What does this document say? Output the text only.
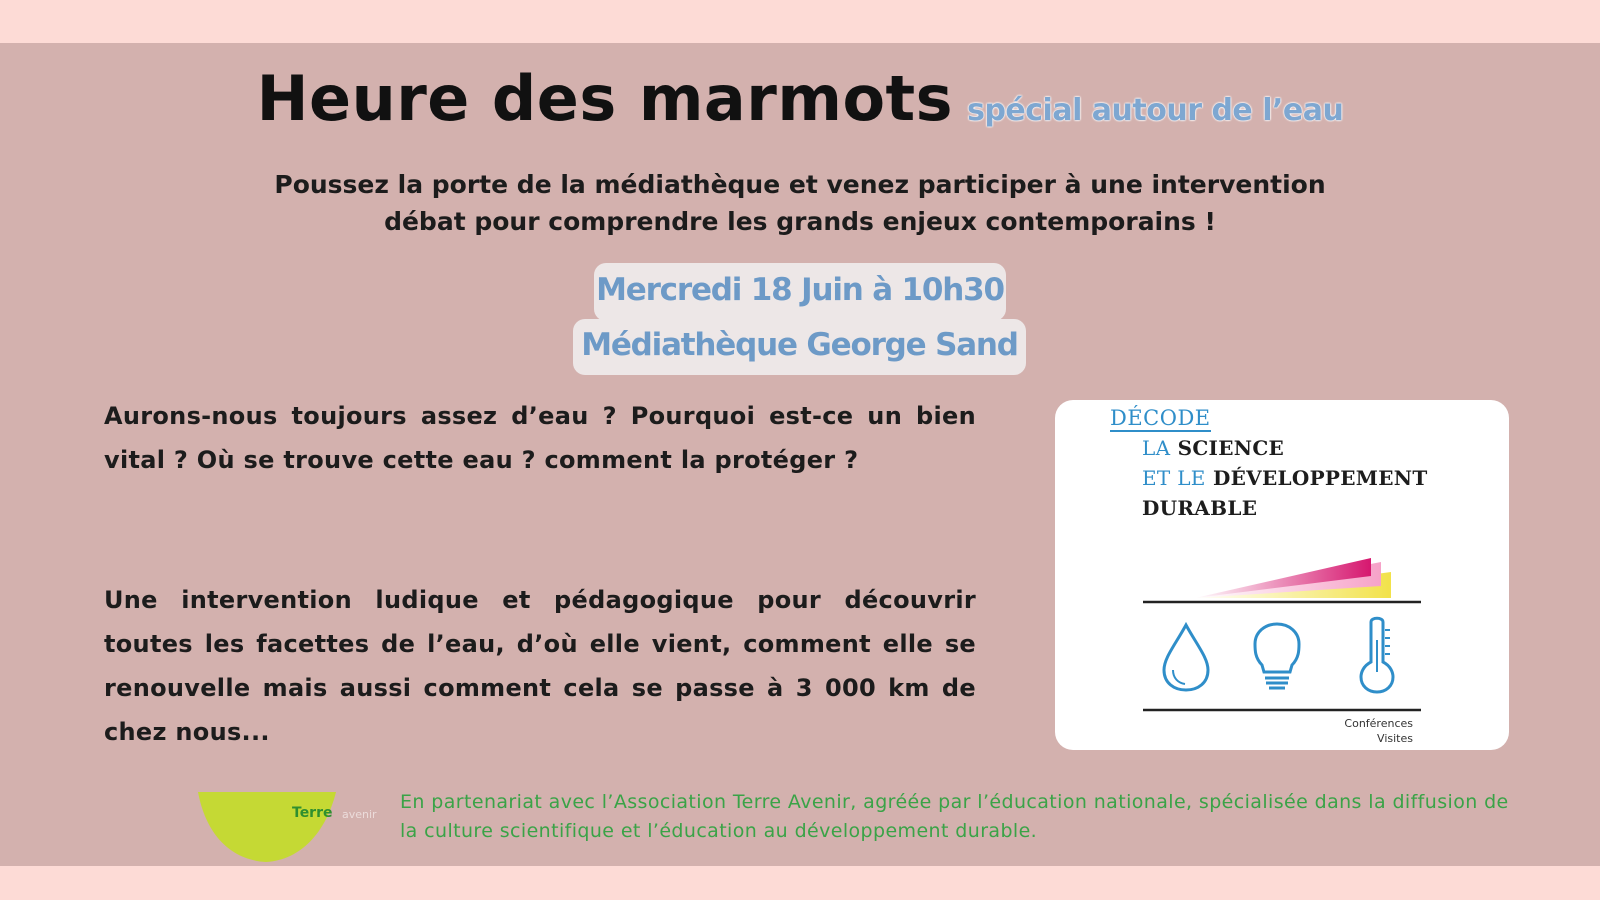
Heure des marmots spécial autour de l’eau
Poussez la porte de la médiathèque et venez participer à une intervention
débat pour comprendre les grands enjeux contemporains !
Mercredi 18 Juin à 10h30
Médiathèque George Sand
Aurons-nous toujours assez d’eau ? Pourquoi est-ce un bien vital ? Où se trouve cette eau ? comment la protéger ?
Une intervention ludique et pédagogique pour découvrir toutes les facettes de l’eau, d’où elle vient, comment elle se renouvelle mais aussi comment cela se passe à 3 000 km de chez nous...
DÉCODE
LA SCIENCE
ET LE DÉVELOPPEMENT
DURABLE
Conférences
Visites
avenir
Terre	En partenariat avec l’Association Terre Avenir, agréée par l’éducation nationale, spécialisée dans la diffusion de la culture scientifique et l’éducation au développement durable.
